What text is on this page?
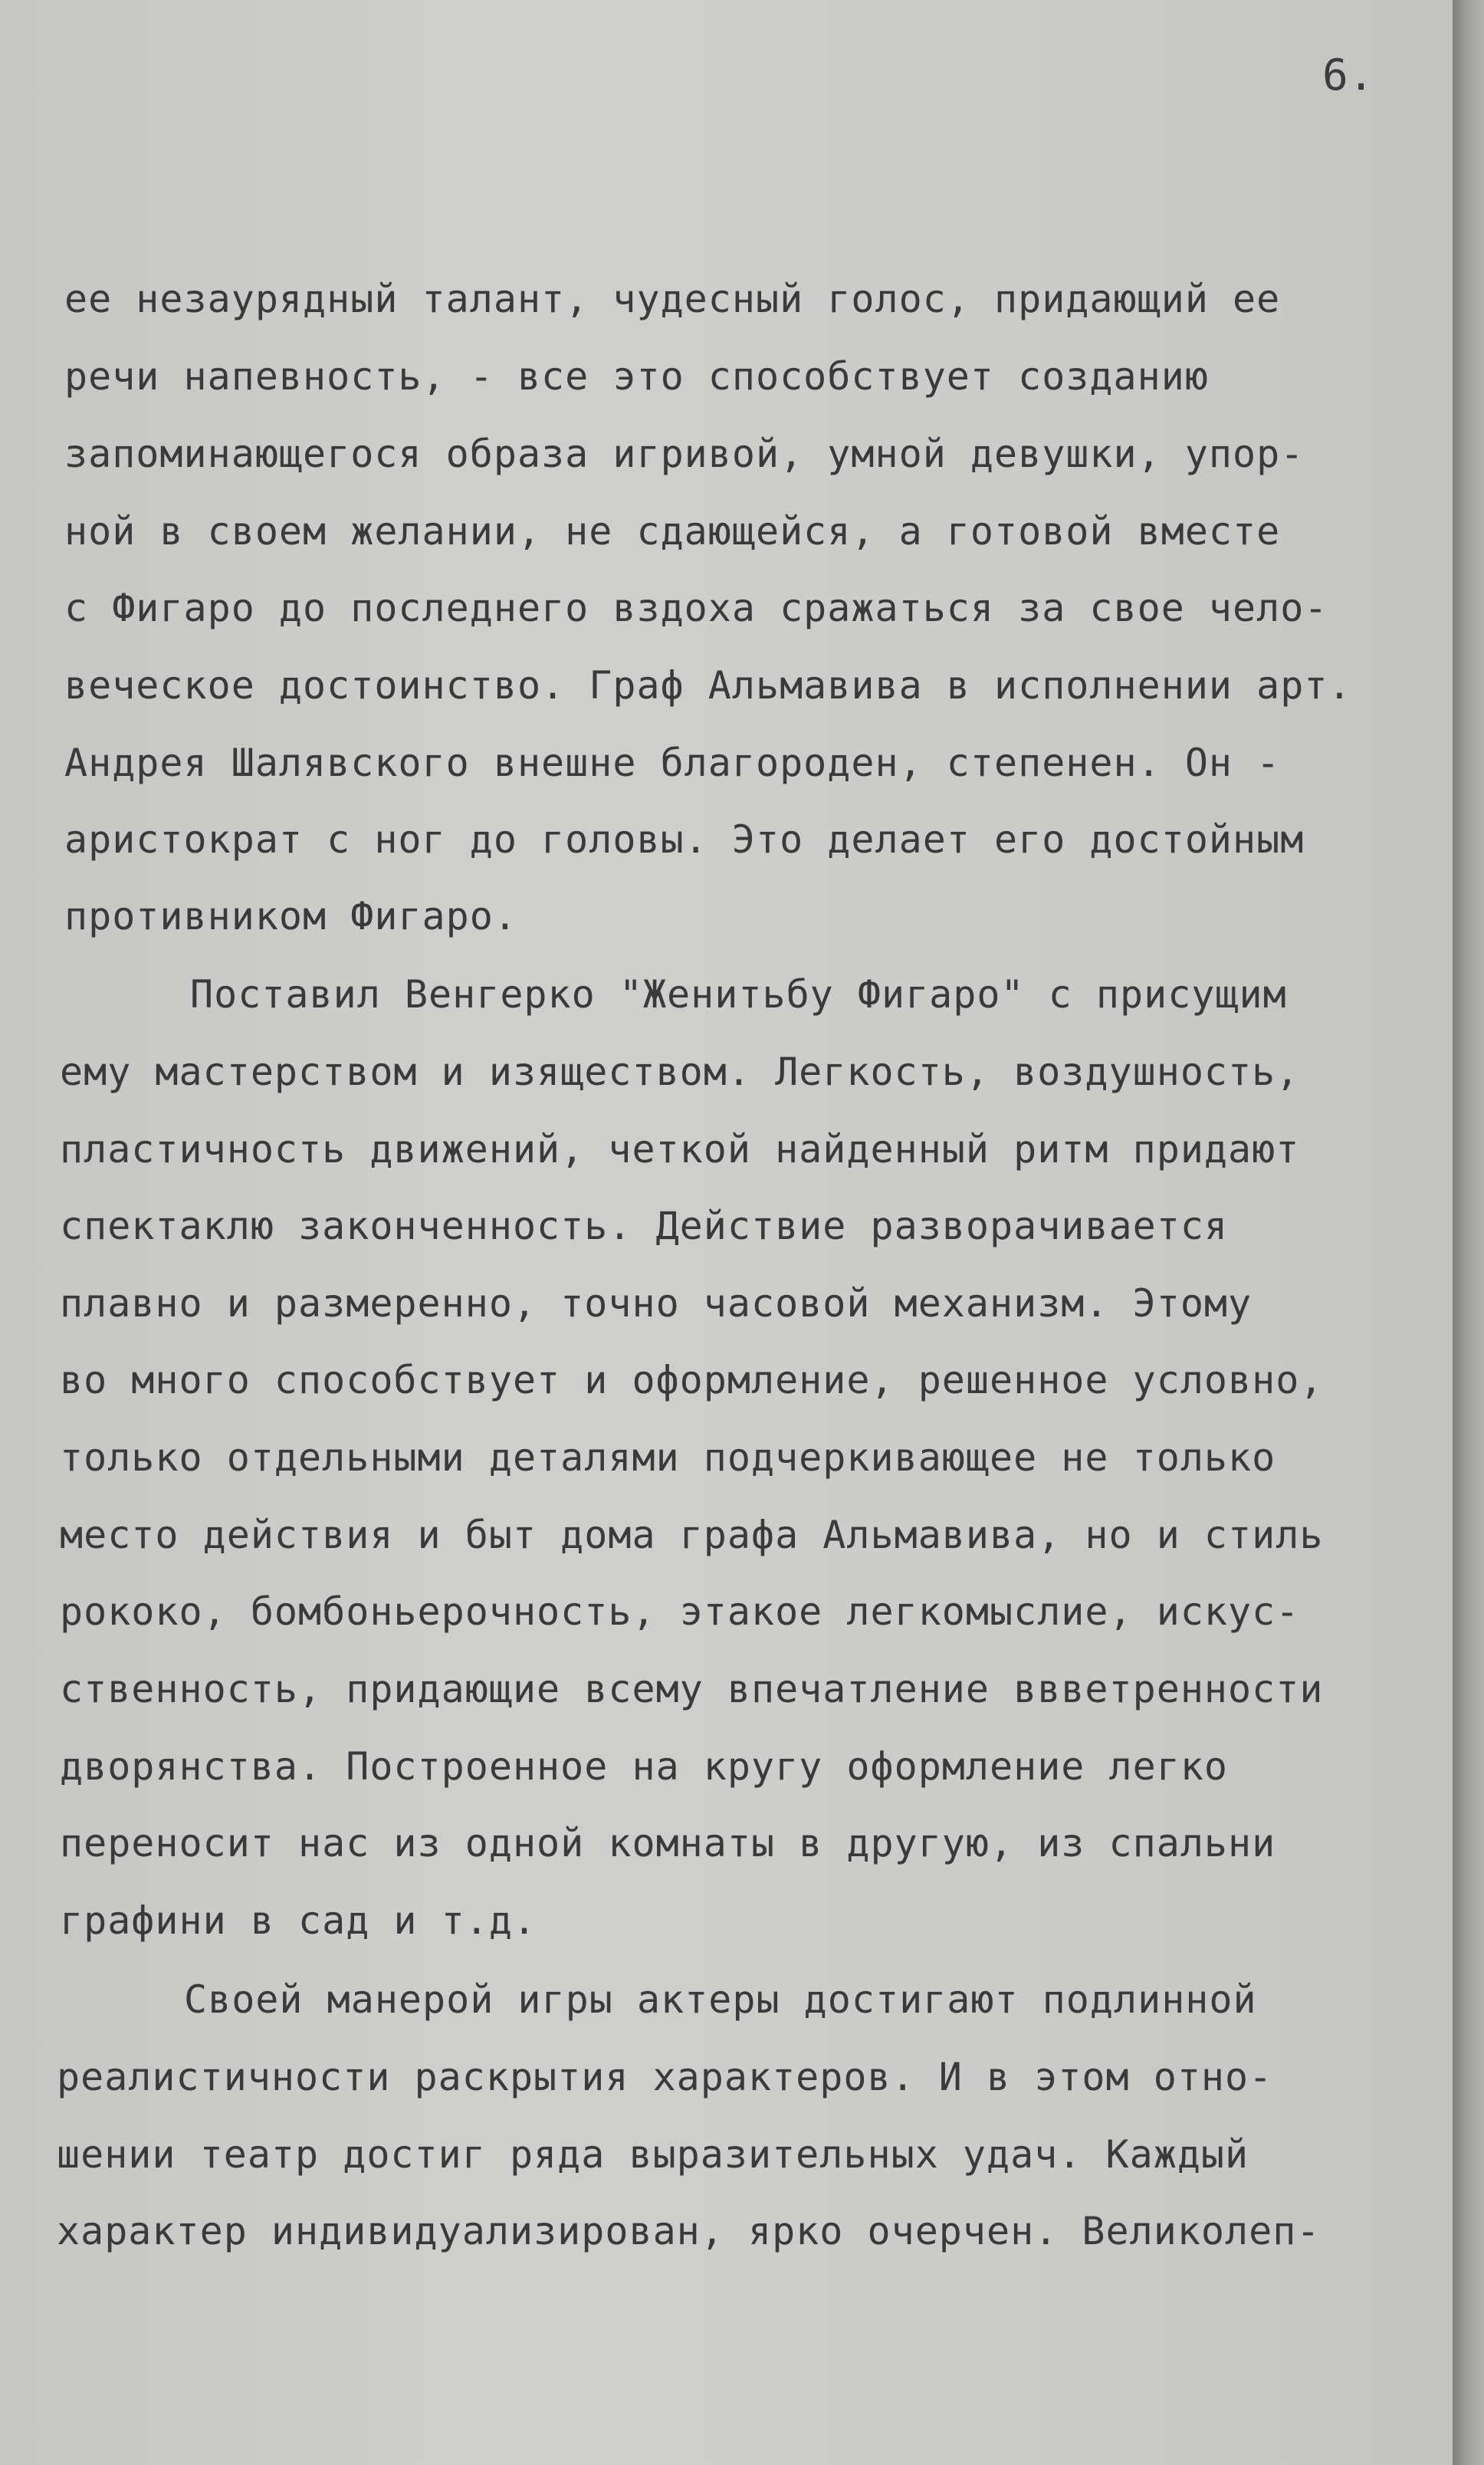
6.
ее незаурядный талант, чудесный голос, придающий ее
речи напевность, - все это способствует созданию
запоминающегося образа игривой, умной девушки, упор-
ной в своем желании, не сдающейся, а готовой вместе
с Фигаро до последнего вздоха сражаться за свое чело-
веческое достоинство. Граф Альмавива в исполнении арт.
Андрея Шалявского внешне благороден, степенен. Он -
аристократ с ног до головы. Это делает его достойным
противником Фигаро.
Поставил Венгерко "Женитьбу Фигаро" с присущим
ему мастерством и изяществом. Легкость, воздушность,
пластичность движений, четкой найденный ритм придают
спектаклю законченность. Действие разворачивается
плавно и размеренно, точно часовой механизм. Этому
во много способствует и оформление, решенное условно,
только отдельными деталями подчеркивающее не только
место действия и быт дома графа Альмавива, но и стиль
рококо, бомбоньерочность, этакое легкомыслие, искус-
ственность, придающие всему впечатление ввветренности
дворянства. Построенное на кругу оформление легко
переносит нас из одной комнаты в другую, из спальни
графини в сад и т.д.
Своей манерой игры актеры достигают подлинной
реалистичности раскрытия характеров. И в этом отно-
шении театр достиг ряда выразительных удач. Каждый
характер индивидуализирован, ярко очерчен. Великолеп-
